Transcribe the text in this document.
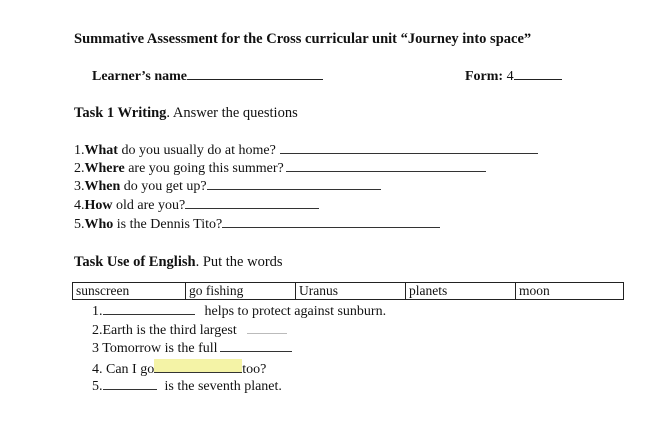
Summative Assessment for the Cross curricular unit “Journey into space”
Learner’s name	Form: 4
Task 1 Writing. Answer the questions
1.What do you usually do at home?
2.Where are you going this summer?
3.When do you get up?
4.How old are you?
5.Who is the Dennis Tito?
Task Use of English. Put the words
sunscreen	go fishing	Uranus	planets	moon
1.	helps to protect against sunburn.
2.Earth is the third largest
3 Tomorrow is the full
4. Can I go	too?
5.	is the seventh planet.
